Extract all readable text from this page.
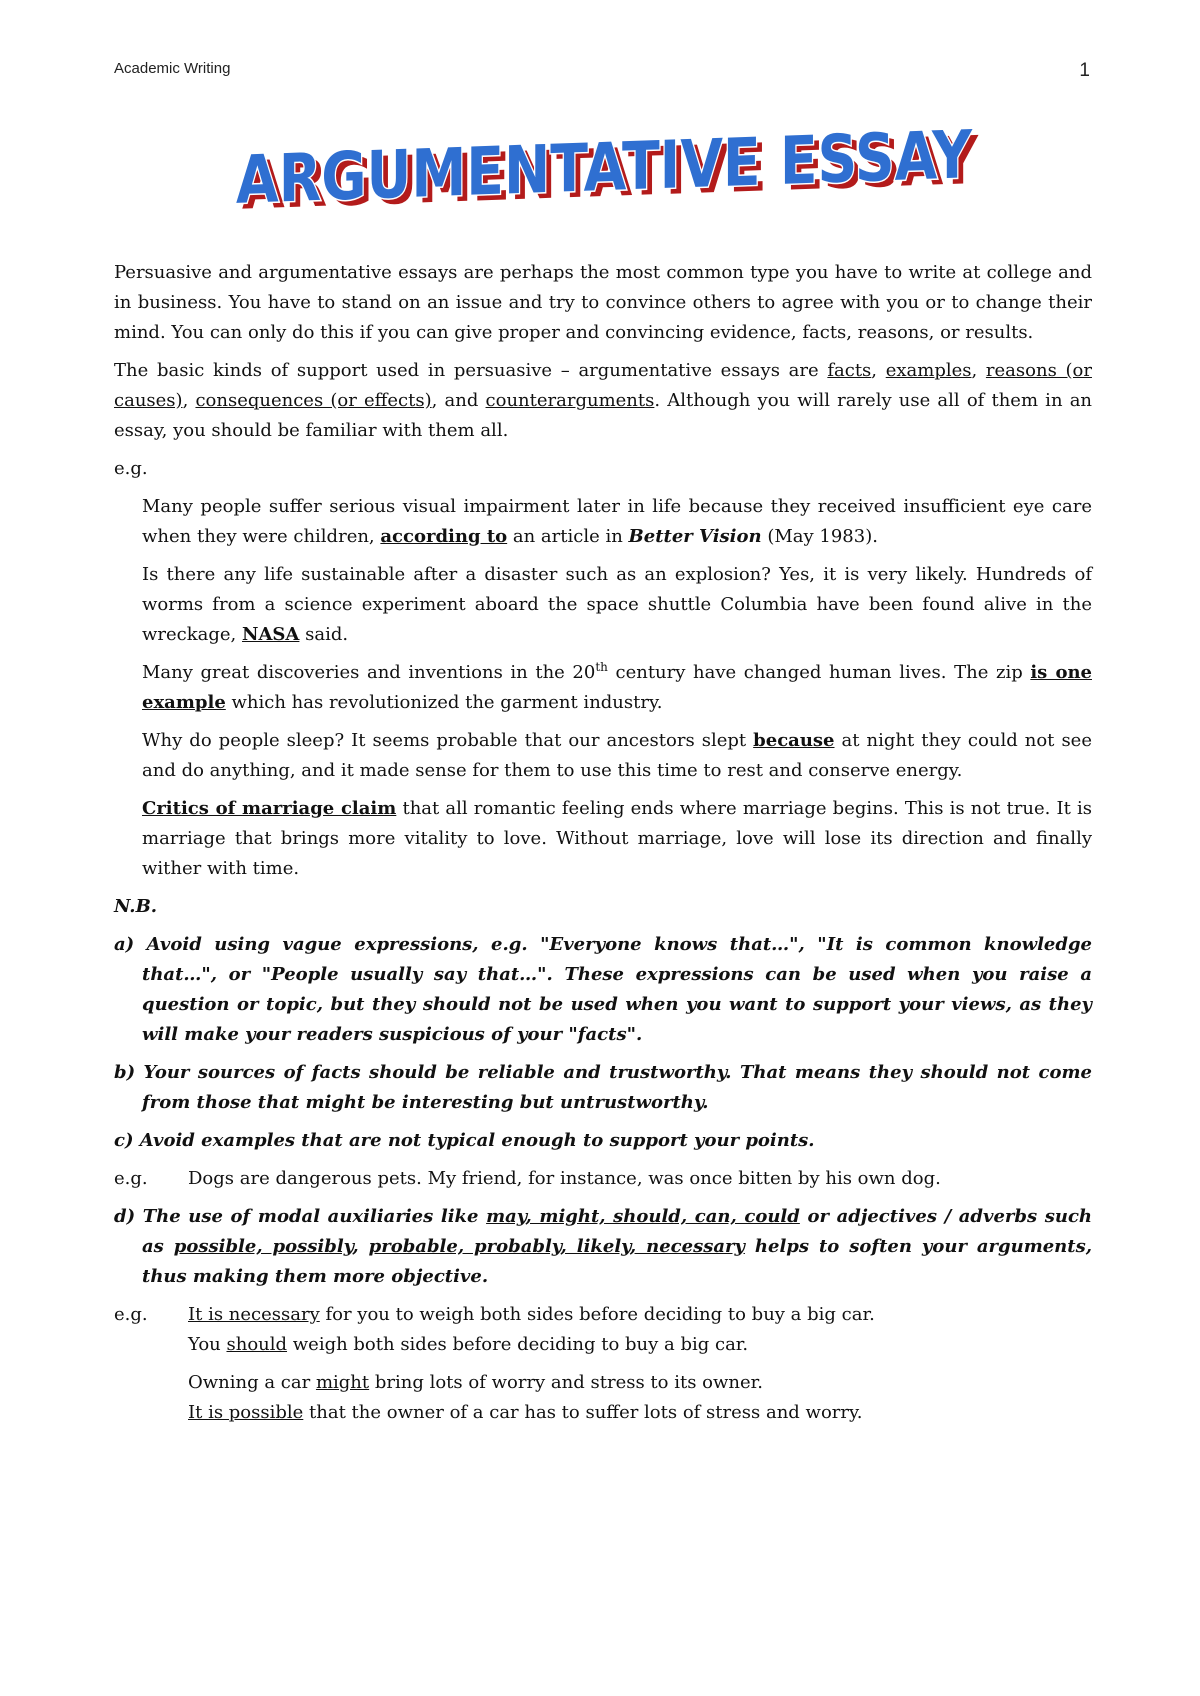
Academic Writing	1
ARGUMENTATIVE ESSAY
ARGUMENTATIVE ESSAY

Persuasive and argumentative essays are perhaps the most common type you have to write at college and in business. You have to stand on an issue and try to convince others to agree with you or to change their mind. You can only do this if you can give proper and convincing evidence, facts, reasons, or results.

The basic kinds of support used in persuasive – argumentative essays are facts, examples, reasons (or causes), consequences (or effects), and counterarguments. Although you will rarely use all of them in an essay, you should be familiar with them all.

e.g.

Many people suffer serious visual impairment later in life because they received insufficient eye care when they were children, according to an article in Better Vision (May 1983).

Is there any life sustainable after a disaster such as an explosion? Yes, it is very likely. Hundreds of worms from a science experiment aboard the space shuttle Columbia have been found alive in the wreckage, NASA said.

Many great discoveries and inventions in the 20th century have changed human lives. The zip is one example which has revolutionized the garment industry.

Why do people sleep? It seems probable that our ancestors slept because at night they could not see and do anything, and it made sense for them to use this time to rest and conserve energy.

Critics of marriage claim that all romantic feeling ends where marriage begins. This is not true. It is marriage that brings more vitality to love. Without marriage, love will lose its direction and finally wither with time.

N.B.

a) Avoid using vague expressions, e.g. "Everyone knows that…", "It is common knowledge that…", or "People usually say that…". These expressions can be used when you raise a question or topic, but they should not be used when you want to support your views, as they will make your readers suspicious of your "facts".

b) Your sources of facts should be reliable and trustworthy. That means they should not come from those that might be interesting but untrustworthy.

c) Avoid examples that are not typical enough to support your points.

e.g.	Dogs are dangerous pets. My friend, for instance, was once bitten by his own dog.

d) The use of modal auxiliaries like may, might, should, can, could or adjectives / adverbs such as possible, possibly, probable, probably, likely, necessary helps to soften your arguments, thus making them more objective.

e.g.	It is necessary for you to weigh both sides before deciding to buy a big car.
You should weigh both sides before deciding to buy a big car.
Owning a car might bring lots of worry and stress to its owner.
It is possible that the owner of a car has to suffer lots of stress and worry.
